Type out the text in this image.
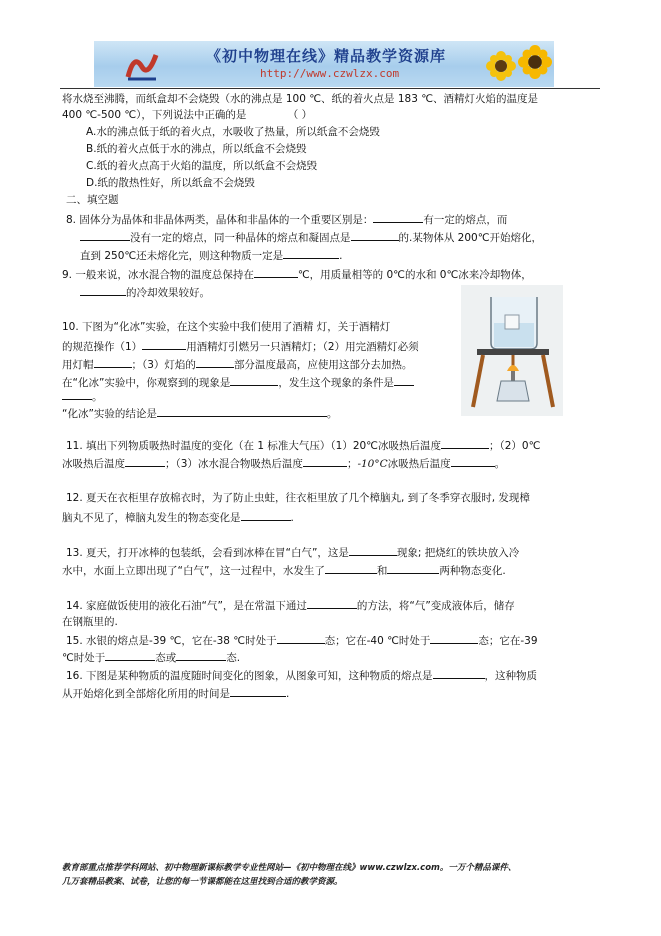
《初中物理在线》精品教学资源库
http://www.czwlzx.com
将水烧至沸腾，而纸盒却不会烧毁（水的沸点是 100 ℃、纸的着火点是 183 ℃、酒精灯火焰的温度是
400 ℃-500 ℃），下列说法中正确的是	（ ）
A.水的沸点低于纸的着火点，水吸收了热量，所以纸盒不会烧毁
B.纸的着火点低于水的沸点，所以纸盒不会烧毁
C.纸的着火点高于火焰的温度，所以纸盒不会烧毁
D.纸的散热性好，所以纸盒不会烧毁
二、填空题
8. 固体分为晶体和非晶体两类，晶体和非晶体的一个重要区别是：	有一定的熔点，而
没有一定的熔点，同一种晶体的熔点和凝固点是	的.某物体从 200℃开始熔化，
直到 250℃还未熔化完，则这种物质一定是	.
9. 一般来说，冰水混合物的温度总保持在	℃，用质量相等的 0℃的水和 0℃冰来冷却物体，
的冷却效果较好。
10. 下图为“化冰”实验，在这个实验中我们使用了酒精 灯，关于酒精灯
的规范操作（1）	用酒精灯引燃另一只酒精灯；（2）用完酒精灯必须
用灯帽	；（3）灯焰的	部分温度最高，应使用这部分去加热。
在“化冰”实验中，你观察到的现象是	，发生这个现象的条件是
。
“化冰”实验的结论是	。
11. 填出下列物质吸热时温度的变化（在 1 标准大气压）（1）20℃冰吸热后温度	；（2）0℃
冰吸热后温度	；（3）冰水混合物吸热后温度	；-10°C冰吸热后温度	。
12. 夏天在衣柜里存放棉衣时，为了防止虫蛀，往衣柜里放了几个樟脑丸, 到了冬季穿衣服时, 发现樟
脑丸不见了，樟脑丸发生的物态变化是	.
13. 夏天，打开冰棒的包装纸，会看到冰棒在冒“白气”，这是	现象; 把烧红的铁块放入冷
水中，水面上立即出现了“白气”，这一过程中，水发生了	和	两种物态变化.
14. 家庭做饭使用的液化石油“气”，是在常温下通过	的方法，将“气”变成液体后，储存
在钢瓶里的.
15. 水银的熔点是-39 ℃，它在-38 ℃时处于	态；它在-40 ℃时处于	态；它在-39
℃时处于	态或	态.
16. 下图是某种物质的温度随时间变化的图象，从图象可知，这种物质的熔点是	，这种物质
从开始熔化到全部熔化所用的时间是	.
教育部重点推荐学科网站、初中物理新课标教学专业性网站—《初中物理在线》www.czwlzx.com。一万个精品课件、
几万套精品教案、试卷，让您的每一节课都能在这里找到合适的教学资源。
